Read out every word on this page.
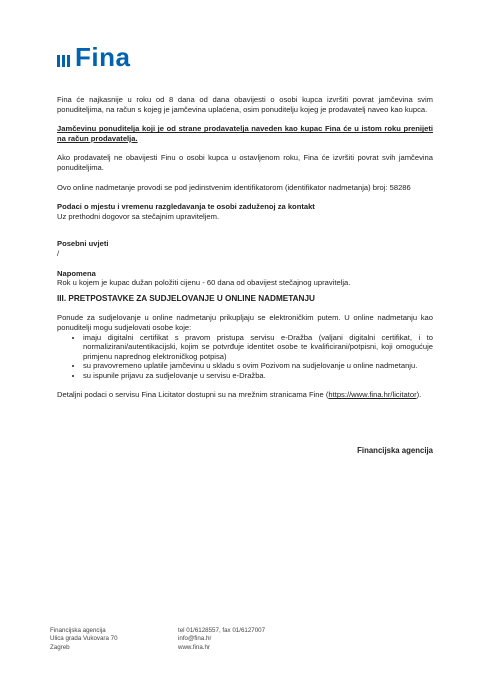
Fina

Fina će najkasnije u roku od 8 dana od dana obavijesti o osobi kupca izvršiti povrat jamčevina svim ponuditeljima, na račun s kojeg je jamčevina uplaćena, osim ponuditelju kojeg je prodavatelj naveo kao kupca.

Jamčevinu ponuditelja koji je od strane prodavatelja naveden kao kupac Fina će u istom roku prenijeti na račun prodavatelja.

Ako prodavatelj ne obavijesti Finu o osobi kupca u ostavljenom roku, Fina će izvršiti povrat svih jamčevina ponuditeljima.

Ovo online nadmetanje provodi se pod jedinstvenim identifikatorom (identifikator nadmetanja) broj: 58286

Podaci o mjestu i vremenu razgledavanja te osobi zaduženoj za kontakt

Uz prethodni dogovor sa stečajnim upraviteljem.

Posebni uvjeti

/

Napomena

Rok u kojem je kupac dužan položiti cijenu - 60 dana od obavijest stečajnog upravitelja.

III. PRETPOSTAVKE ZA SUDJELOVANJE U ONLINE NADMETANJU

Ponude za sudjelovanje u online nadmetanju prikupljaju se elektroničkim putem. U online nadmetanju kao ponuditelji mogu sudjelovati osobe koje:

• imaju digitalni certifikat s pravom pristupa servisu e-Dražba (valjani digitalni certifikat, i to normalizirani/autentikacijski, kojim se potvrđuje identitet osobe te kvalificirani/potpisni, koji omogućuje primjenu naprednog elektroničkog potpisa)
• su pravovremeno uplatile jamčevinu u skladu s ovim Pozivom na sudjelovanje u online nadmetanju.
• su ispunile prijavu za sudjelovanje u servisu e-Dražba.

Detaljni podaci o servisu Fina Licitator dostupni su na mrežnim stranicama Fine (https://www.fina.hr/licitator).

Financijska agencija
Financijska agencija
Ulica grada Vukovara 70
Zagreb
tel 01/6128557, fax 01/6127007
info@fina.hr
www.fina.hr
